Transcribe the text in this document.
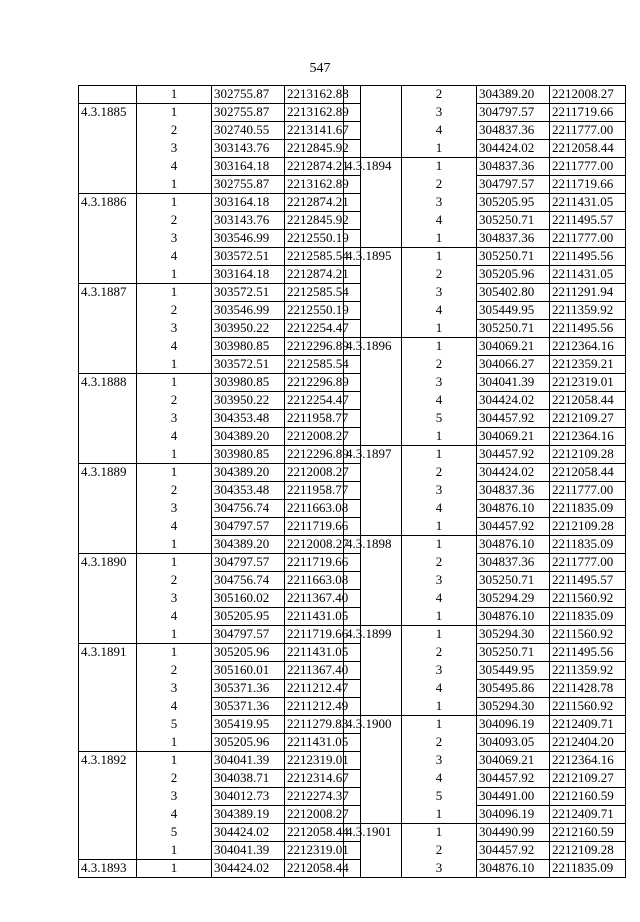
547
	1	302755.87	2213162.88
4.3.1885	1	302755.87	2213162.89
	2	302740.55	2213141.67
	3	303143.76	2212845.92
	4	303164.18	2212874.21
	1	302755.87	2213162.89
4.3.1886	1	303164.18	2212874.21
	2	303143.76	2212845.92
	3	303546.99	2212550.19
	4	303572.51	2212585.54
	1	303164.18	2212874.21
4.3.1887	1	303572.51	2212585.54
	2	303546.99	2212550.19
	3	303950.22	2212254.47
	4	303980.85	2212296.89
	1	303572.51	2212585.54
4.3.1888	1	303980.85	2212296.89
	2	303950.22	2212254.47
	3	304353.48	2211958.77
	4	304389.20	2212008.27
	1	303980.85	2212296.89
4.3.1889	1	304389.20	2212008.27
	2	304353.48	2211958.77
	3	304756.74	2211663.08
	4	304797.57	2211719.66
	1	304389.20	2212008.27
4.3.1890	1	304797.57	2211719.66
	2	304756.74	2211663.08
	3	305160.02	2211367.40
	4	305205.95	2211431.05
	1	304797.57	2211719.66
4.3.1891	1	305205.96	2211431.05
	2	305160.01	2211367.40
	3	305371.36	2211212.47
	4	305371.36	2211212.49
	5	305419.95	2211279.83
	1	305205.96	2211431.05
4.3.1892	1	304041.39	2212319.01
	2	304038.71	2212314.67
	3	304012.73	2212274.37
	4	304389.19	2212008.27
	5	304424.02	2212058.44
	1	304041.39	2212319.01
4.3.1893	1	304424.02	2212058.44
	2	304389.20	2212008.27
	3	304797.57	2211719.66
	4	304837.36	2211777.00
	1	304424.02	2212058.44
4.3.1894	1	304837.36	2211777.00
	2	304797.57	2211719.66
	3	305205.95	2211431.05
	4	305250.71	2211495.57
	1	304837.36	2211777.00
4.3.1895	1	305250.71	2211495.56
	2	305205.96	2211431.05
	3	305402.80	2211291.94
	4	305449.95	2211359.92
	1	305250.71	2211495.56
4.3.1896	1	304069.21	2212364.16
	2	304066.27	2212359.21
	3	304041.39	2212319.01
	4	304424.02	2212058.44
	5	304457.92	2212109.27
	1	304069.21	2212364.16
4.3.1897	1	304457.92	2212109.28
	2	304424.02	2212058.44
	3	304837.36	2211777.00
	4	304876.10	2211835.09
	1	304457.92	2212109.28
4.3.1898	1	304876.10	2211835.09
	2	304837.36	2211777.00
	3	305250.71	2211495.57
	4	305294.29	2211560.92
	1	304876.10	2211835.09
4.3.1899	1	305294.30	2211560.92
	2	305250.71	2211495.56
	3	305449.95	2211359.92
	4	305495.86	2211428.78
	1	305294.30	2211560.92
4.3.1900	1	304096.19	2212409.71
	2	304093.05	2212404.20
	3	304069.21	2212364.16
	4	304457.92	2212109.27
	5	304491.00	2212160.59
	1	304096.19	2212409.71
4.3.1901	1	304490.99	2212160.59
	2	304457.92	2212109.28
	3	304876.10	2211835.09
